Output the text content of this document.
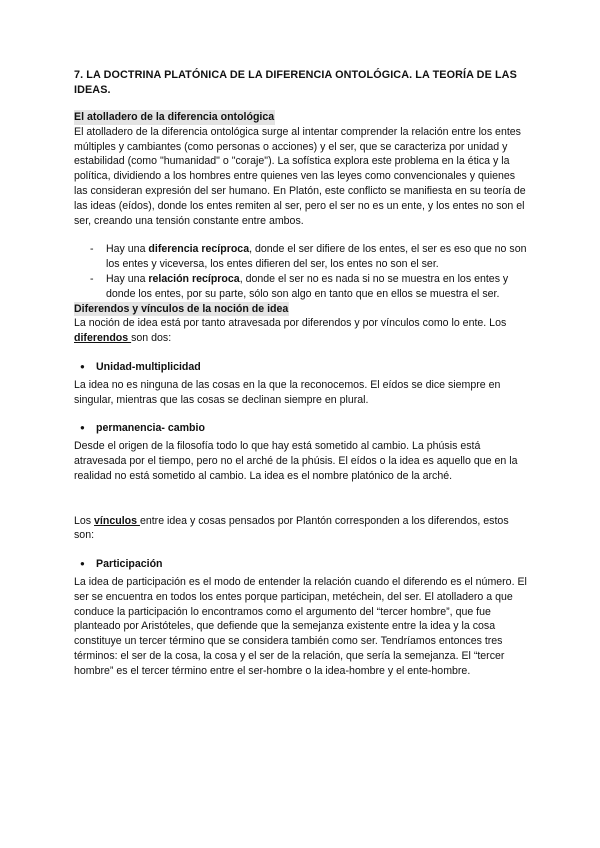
7. LA DOCTRINA PLATÓNICA DE LA DIFERENCIA ONTOLÓGICA. LA TEORÍA DE LAS IDEAS.

El atolladero de la diferencia ontológica

El atolladero de la diferencia ontológica surge al intentar comprender la relación entre los entes múltiples y cambiantes (como personas o acciones) y el ser, que se caracteriza por unidad y estabilidad (como "humanidad" o "coraje"). La sofística explora este problema en la ética y la política, dividiendo a los hombres entre quienes ven las leyes como convencionales y quienes las consideran expresión del ser humano. En Platón, este conflicto se manifiesta en su teoría de las ideas (eídos), donde los entes remiten al ser, pero el ser no es un ente, y los entes no son el ser, creando una tensión constante entre ambos.

- Hay una diferencia recíproca, donde el ser difiere de los entes, el ser es eso que no son los entes y viceversa, los entes difieren del ser, los entes no son el ser.
- Hay una relación recíproca, donde el ser no es nada si no se muestra en los entes y donde los entes, por su parte, sólo son algo en tanto que en ellos se muestra el ser.

Diferendos y vínculos de la noción de idea

La noción de idea está por tanto atravesada por diferendos y por vínculos como lo ente. Los diferendos son dos:

● Unidad-multiplicidad

La idea no es ninguna de las cosas en la que la reconocemos. El eídos se dice siempre en singular, mientras que las cosas se declinan siempre en plural.

● permanencia- cambio

Desde el origen de la filosofía todo lo que hay está sometido al cambio. La phúsis está atravesada por el tiempo, pero no el arché de la phúsis. El eídos o la idea es aquello que en la realidad no está sometido al cambio. La idea es el nombre platónico de la arché.

Los vínculos entre idea y cosas pensados por Plantón corresponden a los diferendos, estos son:

● Participación

La idea de participación es el modo de entender la relación cuando el diferendo es el número. El ser se encuentra en todos los entes porque participan, metéchein, del ser. El atolladero a que conduce la participación lo encontramos como el argumento del “tercer hombre”, que fue planteado por Aristóteles, que defiende que la semejanza existente entre la idea y la cosa constituye un tercer término que se considera también como ser. Tendríamos entonces tres términos: el ser de la cosa, la cosa y el ser de la relación, que sería la semejanza. El “tercer hombre” es el tercer término entre el ser-hombre o la idea-hombre y el ente-hombre.
